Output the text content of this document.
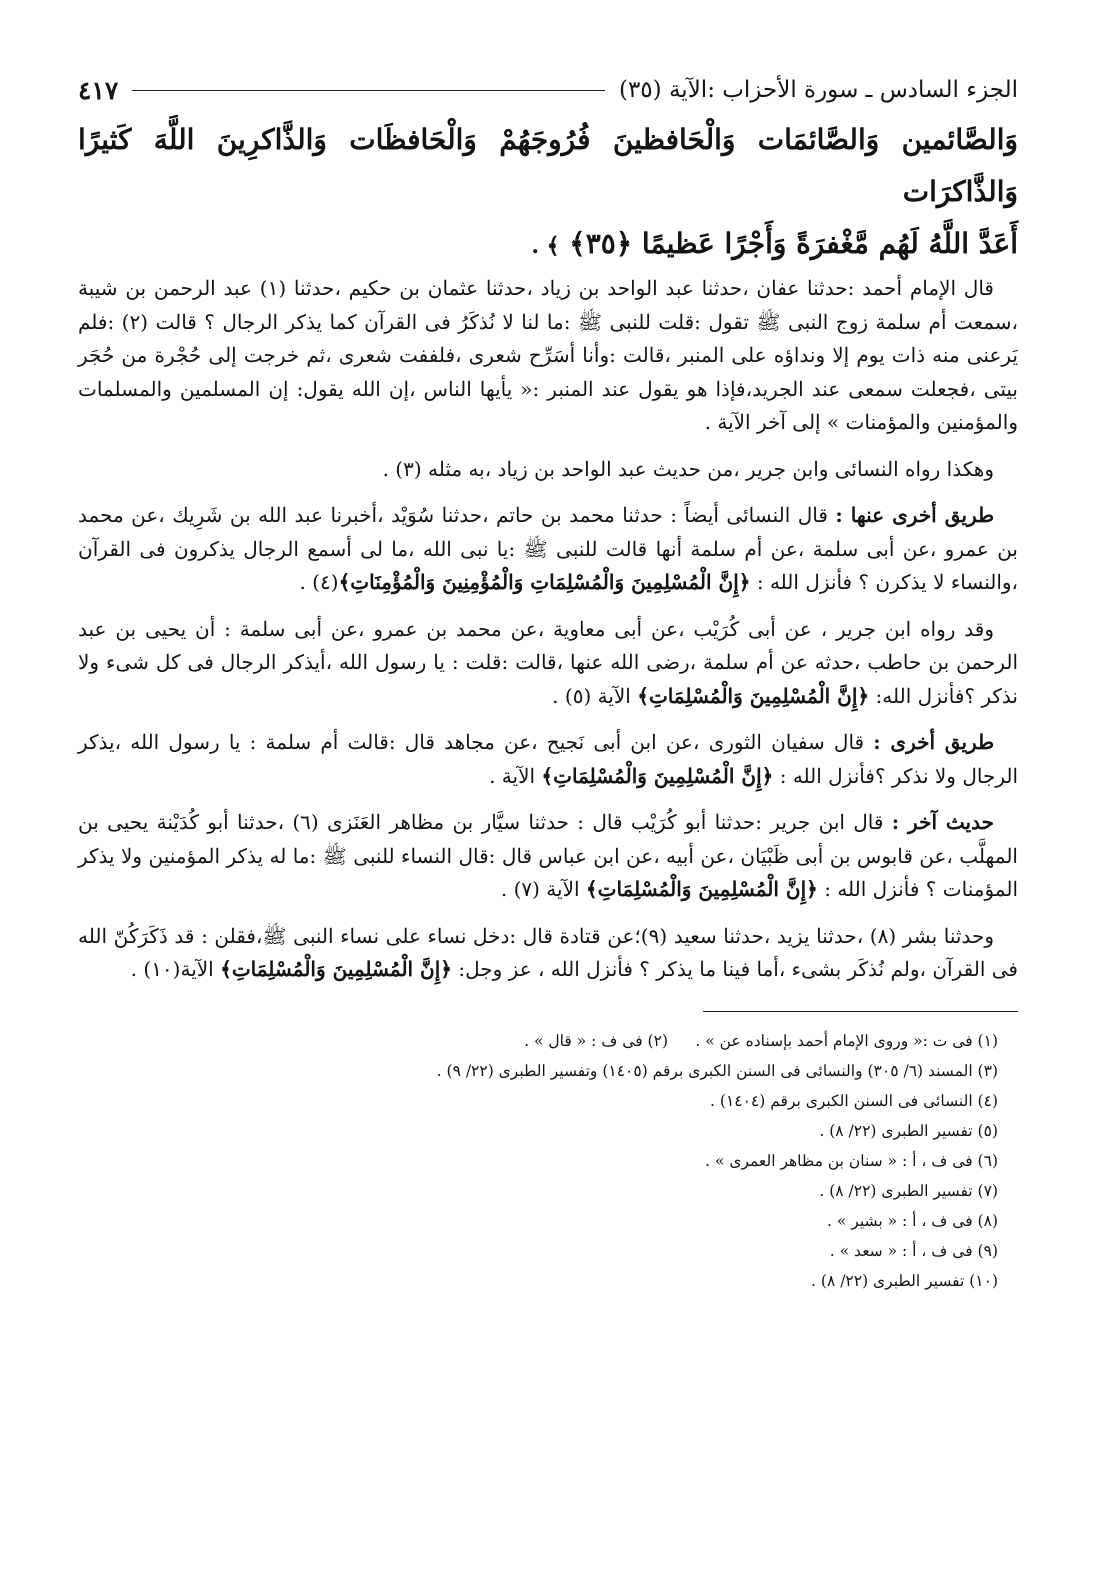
الجزء السادس ـ سورة الأحزاب :الآية (٣٥)
٤١٧
وَالصَّائمين وَالصَّائمَات وَالْحَافظينَ فُرُوجَهُمْ وَالْحَافظَات وَالذَّاكرِينَ اللَّهَ كَثيرًا وَالذَّاكرَات
أَعَدَّ اللَّهُ لَهُم مَّغْفرَةً وَأَجْرًا عَظيمًا ﴿٣٥﴾ ﴾ .

قال الإمام أحمد :حدثنا عفان ،حدثنا عبد الواحد بن زياد ،حدثنا عثمان بن حكيم ،حدثنا (١) عبد الرحمن بن شيبة ،سمعت أم سلمة زوج النبى ﷺ تقول :قلت للنبى ﷺ :ما لنا لا نُذكَرُ فى القرآن كما يذكر الرجال ؟ قالت (٢) :فلم يَرعنى منه ذات يوم إلا ونداؤه على المنبر ،قالت :وأنا أسَرِّح شعرى ،فلففت شعرى ،ثم خرجت إلى حُجْرة من حُجَر بيتى ،فجعلت سمعى عند الجريد،فإذا هو يقول عند المنبر :« يأيها الناس ،إن الله يقول: إن المسلمين والمسلمات والمؤمنين والمؤمنات » إلى آخر الآية .

وهكذا رواه النسائى وابن جرير ،من حديث عبد الواحد بن زياد ،به مثله (٣) .

طريق أخرى عنها : قال النسائى أيضاً : حدثنا محمد بن حاتم ،حدثنا سُوَيْد ،أخبرنا عبد الله بن شَرِيك ،عن محمد بن عمرو ،عن أبى سلمة ،عن أم سلمة أنها قالت للنبى ﷺ :يا نبى الله ،ما لى أسمع الرجال يذكرون فى القرآن ،والنساء لا يذكرن ؟ فأنزل الله : ﴿إِنَّ الْمُسْلِمِينَ وَالْمُسْلِمَاتِ وَالْمُؤْمِنِينَ وَالْمُؤْمِنَاتِ﴾(٤) .

وقد رواه ابن جرير ، عن أبى كُرَيْب ،عن أبى معاوية ،عن محمد بن عمرو ،عن أبى سلمة : أن يحيى بن عبد الرحمن بن حاطب ،حدثه عن أم سلمة ،رضى الله عنها ،قالت :قلت : يا رسول الله ،أيذكر الرجال فى كل شىء ولا نذكر ؟فأنزل الله: ﴿إِنَّ الْمُسْلِمِينَ وَالْمُسْلِمَاتِ﴾ الآية (٥) .

طريق أخرى : قال سفيان الثورى ،عن ابن أبى نَجيح ،عن مجاهد قال :قالت أم سلمة : يا رسول الله ،يذكر الرجال ولا نذكر ؟فأنزل الله : ﴿إِنَّ الْمُسْلِمِينَ وَالْمُسْلِمَاتِ﴾ الآية .

حديث آخر : قال ابن جرير :حدثنا أبو كُرَيْب قال : حدثنا سيَّار بن مظاهر العَنَزى (٦) ،حدثنا أبو كُدَيْنة يحيى بن المهلَّب ،عن قابوس بن أبى ظَبْيَان ،عن أبيه ،عن ابن عباس قال :قال النساء للنبى ﷺ :ما له يذكر المؤمنين ولا يذكر المؤمنات ؟ فأنزل الله : ﴿إِنَّ الْمُسْلِمِينَ وَالْمُسْلِمَاتِ﴾ الآية (٧) .

وحدثنا بشر (٨) ،حدثنا يزيد ،حدثنا سعيد (٩)؛عن قتادة قال :دخل نساء على نساء النبى ﷺ،فقلن : قد ذَكَرَكُنّ الله فى القرآن ،ولم نُذكَر بشىء ،أما فينا ما يذكر ؟ فأنزل الله ، عز وجل: ﴿إِنَّ الْمُسْلِمِينَ وَالْمُسْلِمَاتِ﴾ الآية(١٠) .

(١) فى ت :« وروى الإمام أحمد بإسناده عن » .
(٢) فى ف : « قال » .
(٣) المسند (٦/ ٣٠٥) والنسائى فى السنن الكبرى برقم (١٤٠٥) وتفسير الطبرى (٢٢/ ٩) .
(٤) النسائى فى السنن الكبرى برقم (١٤٠٤) .
(٥) تفسير الطبرى (٢٢/ ٨) .
(٦) فى ف ، أ : « سنان بن مظاهر العمرى » .
(٧) تفسير الطبرى (٢٢/ ٨) .
(٨) فى ف ، أ : « بشير » .
(٩) فى ف ، أ : « سعد » .
(١٠) تفسير الطبرى (٢٢/ ٨) .
